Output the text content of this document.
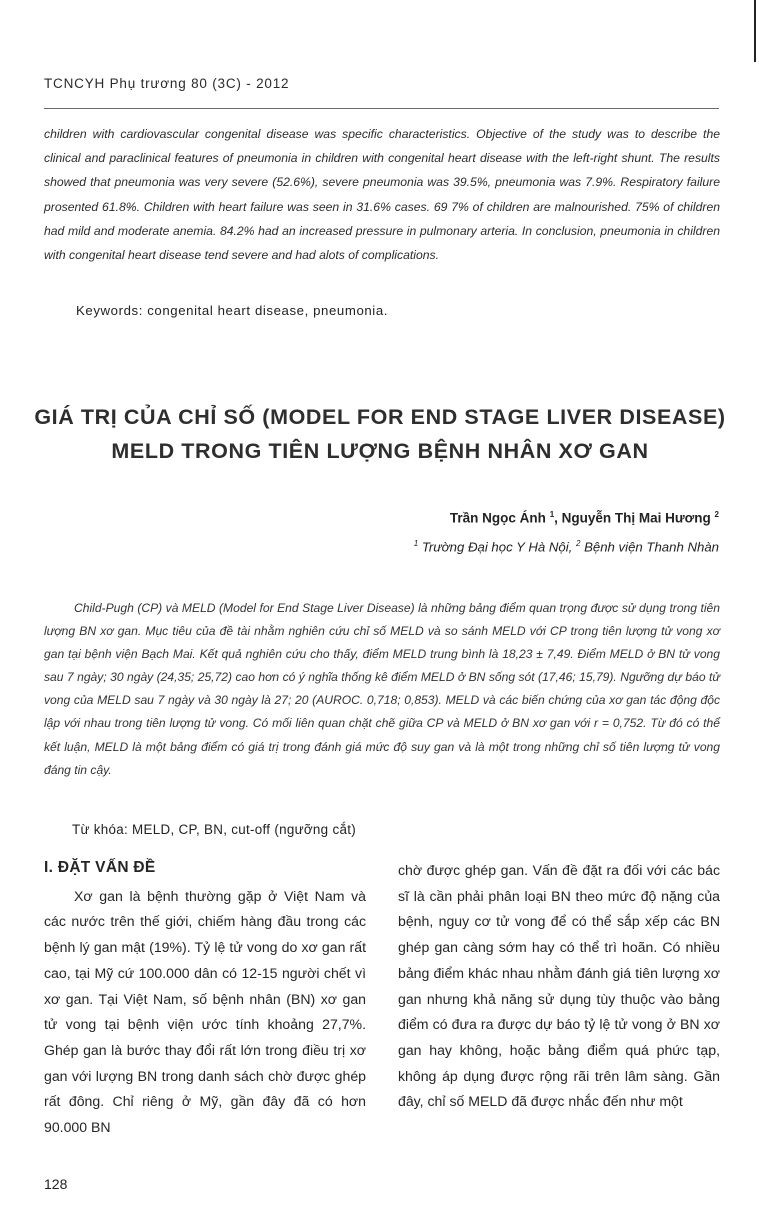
TCNCYH Phụ trương 80 (3C) - 2012
children with cardiovascular congenital disease was specific characteristics. Objective of the study was to describe the clinical and paraclinical features of pneumonia in children with congenital heart disease with the left-right shunt. The results showed that pneumonia was very severe (52.6%), severe pneumonia was 39.5%, pneumonia was 7.9%. Respiratory failure prosented 61.8%. Children with heart failure was seen in 31.6% cases. 69 7% of children are malnourished. 75% of children had mild and moderate anemia. 84.2% had an increased pressure in pulmonary arteria. In conclusion, pneumonia in children with congenital heart disease tend severe and had alots of complications.
Keywords: congenital heart disease, pneumonia.
GIÁ TRỊ CỦA CHỈ SỐ (MODEL FOR END STAGE LIVER DISEASE)
MELD TRONG TIÊN LƯỢNG BỆNH NHÂN XƠ GAN
Trần Ngọc Ánh $^1$, Nguyễn Thị Mai Hương $^2$
$^1$ Trường Đại học Y Hà Nội, $^2$ Bệnh viện Thanh Nhàn
Child-Pugh (CP) và MELD (Model for End Stage Liver Disease) là những bảng điểm quan trọng được sử dụng trong tiên lượng BN xơ gan. Mục tiêu của đề tài nhằm nghiên cứu chỉ số MELD và so sánh MELD với CP trong tiên lượng tử vong xơ gan tại bệnh viện Bạch Mai. Kết quả nghiên cứu cho thấy, điểm MELD trung bình là 18,23 ± 7,49. Điểm MELD ở BN tử vong sau 7 ngày; 30 ngày (24,35; 25,72) cao hơn có ý nghĩa thống kê điểm MELD ở BN sống sót (17,46; 15,79). Ngưỡng dự báo tử vong của MELD sau 7 ngày và 30 ngày là 27; 20 (AUROC. 0,718; 0,853). MELD và các biến chứng của xơ gan tác động độc lập với nhau trong tiên lượng tử vong. Có mối liên quan chặt chẽ giữa CP và MELD ở BN xơ gan với r = 0,752. Từ đó có thể kết luận, MELD là một bảng điểm có giá trị trong đánh giá mức độ suy gan và là một trong những chỉ số tiên lượng tử vong đáng tin cậy.
Từ khóa: MELD, CP, BN, cut-off (ngưỡng cắt)
I. ĐẶT VẤN ĐỀ
Xơ gan là bệnh thường gặp ở Việt Nam và các nước trên thế giới, chiếm hàng đầu trong các bệnh lý gan mật (19%). Tỷ lệ tử vong do xơ gan rất cao, tại Mỹ cứ 100.000 dân có 12-15 người chết vì xơ gan. Tại Việt Nam, số bệnh nhân (BN) xơ gan tử vong tại bệnh viện ước tính khoảng 27,7%. Ghép gan là bước thay đổi rất lớn trong điều trị xơ gan với lượng BN trong danh sách chờ được ghép rất đông. Chỉ riêng ở Mỹ, gần đây đã có hơn 90.000 BN
chờ được ghép gan. Vấn đề đặt ra đối với các bác sĩ là cần phải phân loại BN theo mức độ nặng của bệnh, nguy cơ tử vong để có thể sắp xếp các BN ghép gan càng sớm hay có thể trì hoãn. Có nhiều bảng điểm khác nhau nhằm đánh giá tiên lượng xơ gan nhưng khả năng sử dụng tùy thuộc vào bảng điểm có đưa ra được dự báo tỷ lệ tử vong ở BN xơ gan hay không, hoặc bảng điểm quá phức tạp, không áp dụng được rộng rãi trên lâm sàng. Gần đây, chỉ số MELD đã được nhắc đến như một
128
